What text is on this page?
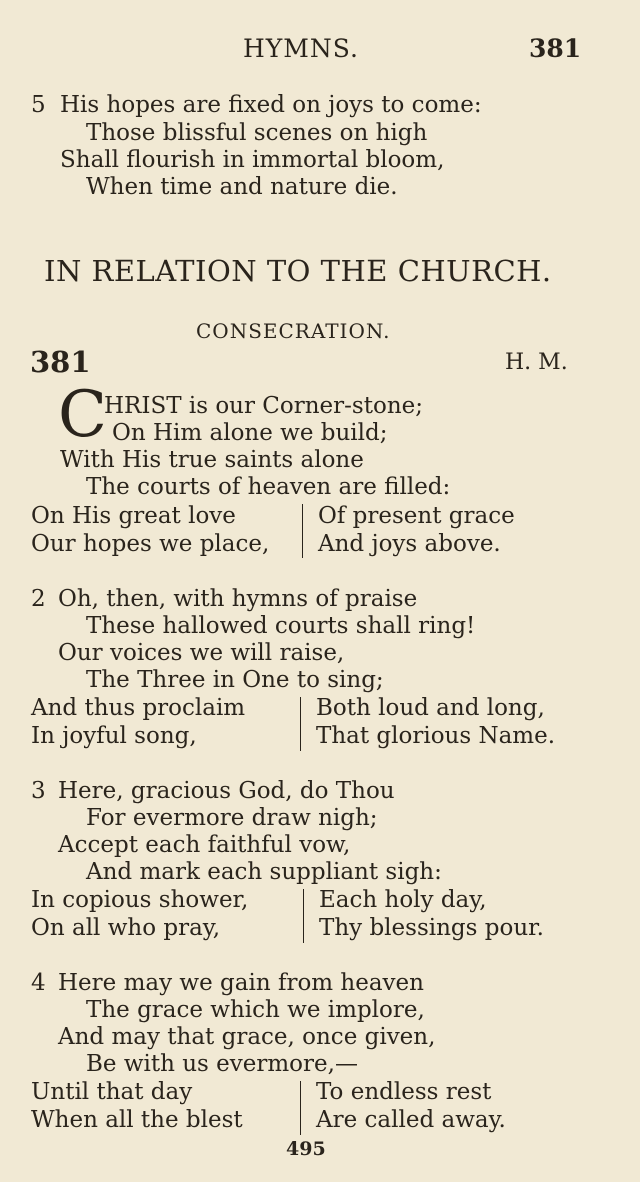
HYMNS.	381
5 His hopes are fixed on joys to come:
Those blissful scenes on high
Shall flourish in immortal bloom,
When time and nature die.
IN RELATION TO THE CHURCH.
CONSECRATION.
381	H. M.
C
HRIST is our Corner-stone;
On Him alone we build;
With His true saints alone
The courts of heaven are filled:
On His great love
Our hopes we place,
Of present grace
And joys above.
2 Oh, then, with hymns of praise
These hallowed courts shall ring!
Our voices we will raise,
The Three in One to sing;
And thus proclaim
In joyful song,
Both loud and long,
That glorious Name.
3 Here, gracious God, do Thou
For evermore draw nigh;
Accept each faithful vow,
And mark each suppliant sigh:
In copious shower,
On all who pray,
Each holy day,
Thy blessings pour.
4 Here may we gain from heaven
The grace which we implore,
And may that grace, once given,
Be with us evermore,—
Until that day
When all the blest
To endless rest
Are called away.
495
